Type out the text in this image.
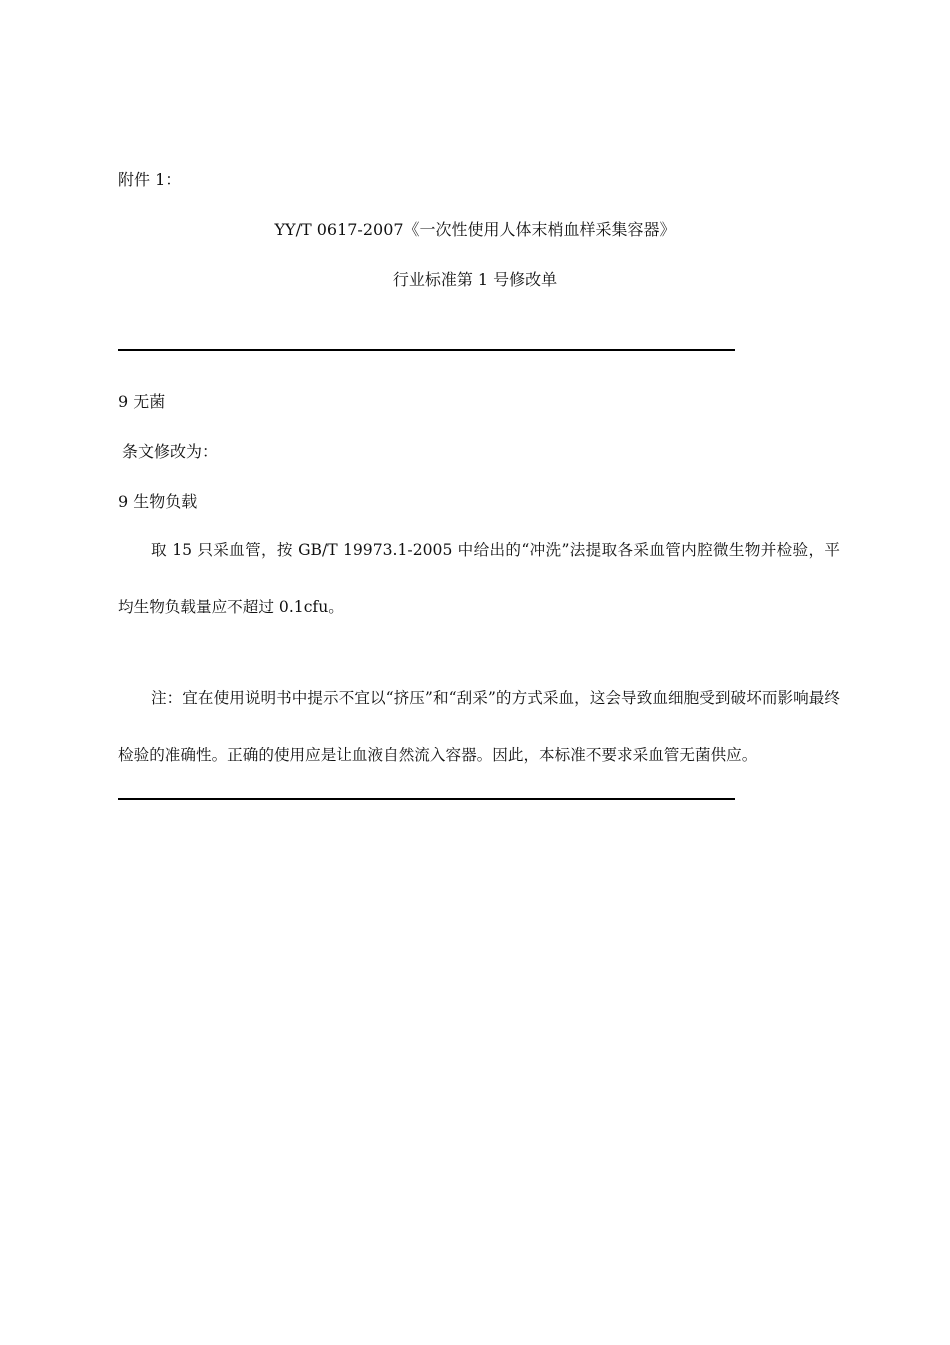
附件 1：
YY/T 0617-2007《一次性使用人体末梢血样采集容器》
行业标准第 1 号修改单
9 无菌
条文修改为：
9 生物负载

取 15 只采血管，按 GB/T 19973.1-2005 中给出的“冲洗”法提取各采血管内腔微生物并检验，平均生物负载量应不超过 0.1cfu。

注：宜在使用说明书中提示不宜以“挤压”和“刮采”的方式采血，这会导致血细胞受到破坏而影响最终检验的准确性。正确的使用应是让血液自然流入容器。因此，本标准不要求采血管无菌供应。
